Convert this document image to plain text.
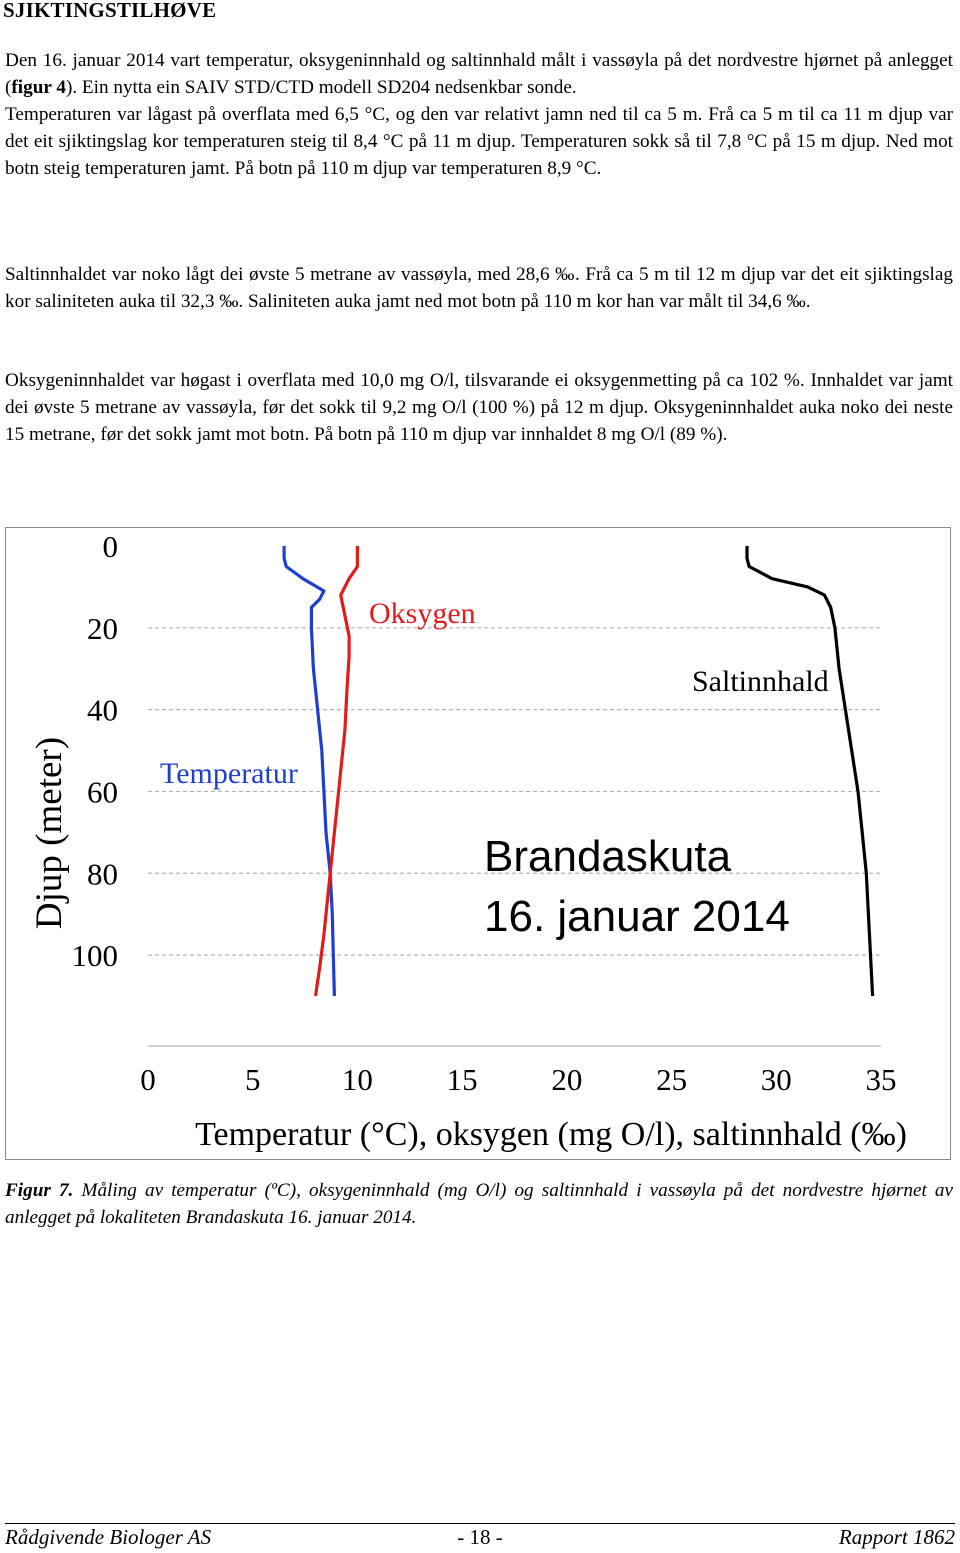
SJIKTINGSTILHØVE

Den 16. januar 2014 vart temperatur, oksygeninnhald og saltinnhald målt i vassøyla på det nordvestre hjørnet på anlegget (figur 4). Ein nytta ein SAIV STD/CTD modell SD204 nedsenkbar sonde.

Temperaturen var lågast på overflata med 6,5 °C, og den var relativt jamn ned til ca 5 m. Frå ca 5 m til ca 11 m djup var det eit sjiktingslag kor temperaturen steig til 8,4 °C på 11 m djup. Temperaturen sokk så til 7,8 °C på 15 m djup. Ned mot botn steig temperaturen jamt. På botn på 110 m djup var temperaturen 8,9 °C.

Saltinnhaldet var noko lågt dei øvste 5 metrane av vassøyla, med 28,6 ‰. Frå ca 5 m til 12 m djup var det eit sjiktingslag kor saliniteten auka til 32,3 ‰. Saliniteten auka jamt ned mot botn på 110 m kor han var målt til 34,6 ‰.

Oksygeninnhaldet var høgast i overflata med 10,0 mg O/l, tilsvarande ei oksygenmetting på ca 102 %. Innhaldet var jamt dei øvste 5 metrane av vassøyla, før det sokk til 9,2 mg O/l (100 %) på 12 m djup. Oksygeninnhaldet auka noko dei neste 15 metrane, før det sokk jamt mot botn. På botn på 110 m djup var innhaldet 8 mg O/l (89 %).

0
20
40
60
80
100
0	5	10 15 20 25 30 35
Temperatur (°C), oksygen (mg O/l), saltinnhald (‰)
Djup (meter)	Temperatur
Oksygen
Saltinnhald
Brandaskuta
16. januar 2014

Figur 7. Måling av temperatur (ºC), oksygeninnhald (mg O/l) og saltinnhald i vassøyla på det nordvestre hjørnet av anlegget på lokaliteten Brandaskuta 16. januar 2014.

Rådgivende Biologer AS	- 18 -	Rapport 1862
